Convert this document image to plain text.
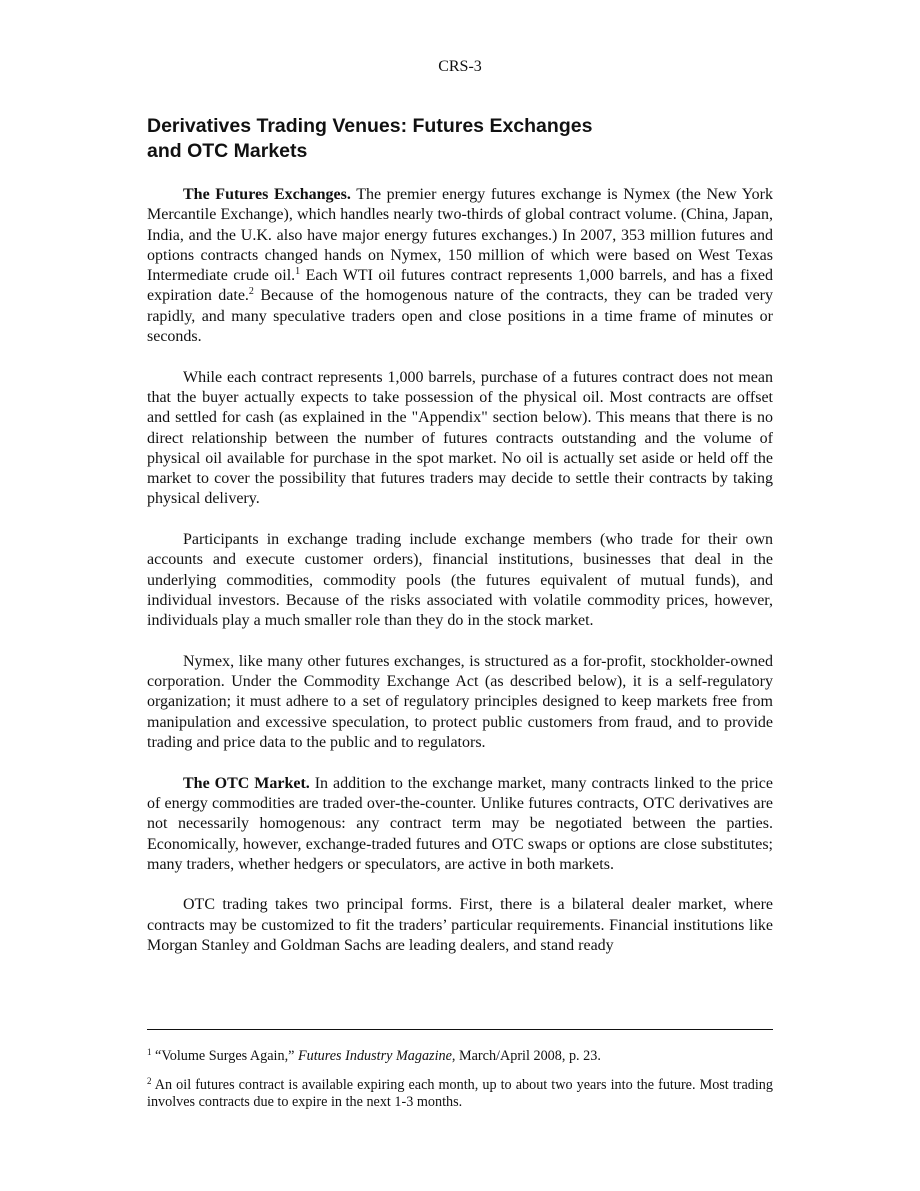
CRS-3
Derivatives Trading Venues: Futures Exchanges
and OTC Markets

The Futures Exchanges. The premier energy futures exchange is Nymex (the New York Mercantile Exchange), which handles nearly two-thirds of global contract volume. (China, Japan, India, and the U.K. also have major energy futures exchanges.) In 2007, 353 million futures and options contracts changed hands on Nymex, 150 million of which were based on West Texas Intermediate crude oil.$^1$ Each WTI oil futures contract represents 1,000 barrels, and has a fixed expiration date.$^2$ Because of the homogenous nature of the contracts, they can be traded very rapidly, and many speculative traders open and close positions in a time frame of minutes or seconds.

While each contract represents 1,000 barrels, purchase of a futures contract does not mean that the buyer actually expects to take possession of the physical oil. Most contracts are offset and settled for cash (as explained in the "Appendix" section below). This means that there is no direct relationship between the number of futures contracts outstanding and the volume of physical oil available for purchase in the spot market. No oil is actually set aside or held off the market to cover the possibility that futures traders may decide to settle their contracts by taking physical delivery.

Participants in exchange trading include exchange members (who trade for their own accounts and execute customer orders), financial institutions, businesses that deal in the underlying commodities, commodity pools (the futures equivalent of mutual funds), and individual investors. Because of the risks associated with volatile commodity prices, however, individuals play a much smaller role than they do in the stock market.

Nymex, like many other futures exchanges, is structured as a for-profit, stockholder-owned corporation. Under the Commodity Exchange Act (as described below), it is a self-regulatory organization; it must adhere to a set of regulatory principles designed to keep markets free from manipulation and excessive speculation, to protect public customers from fraud, and to provide trading and price data to the public and to regulators.

The OTC Market. In addition to the exchange market, many contracts linked to the price of energy commodities are traded over-the-counter. Unlike futures contracts, OTC derivatives are not necessarily homogenous: any contract term may be negotiated between the parties. Economically, however, exchange-traded futures and OTC swaps or options are close substitutes; many traders, whether hedgers or speculators, are active in both markets.

OTC trading takes two principal forms. First, there is a bilateral dealer market, where contracts may be customized to fit the traders’ particular requirements. Financial institutions like Morgan Stanley and Goldman Sachs are leading dealers, and stand ready

$^1$ “Volume Surges Again,” Futures Industry Magazine, March/April 2008, p. 23.

$^2$ An oil futures contract is available expiring each month, up to about two years into the future. Most trading involves contracts due to expire in the next 1-3 months.
